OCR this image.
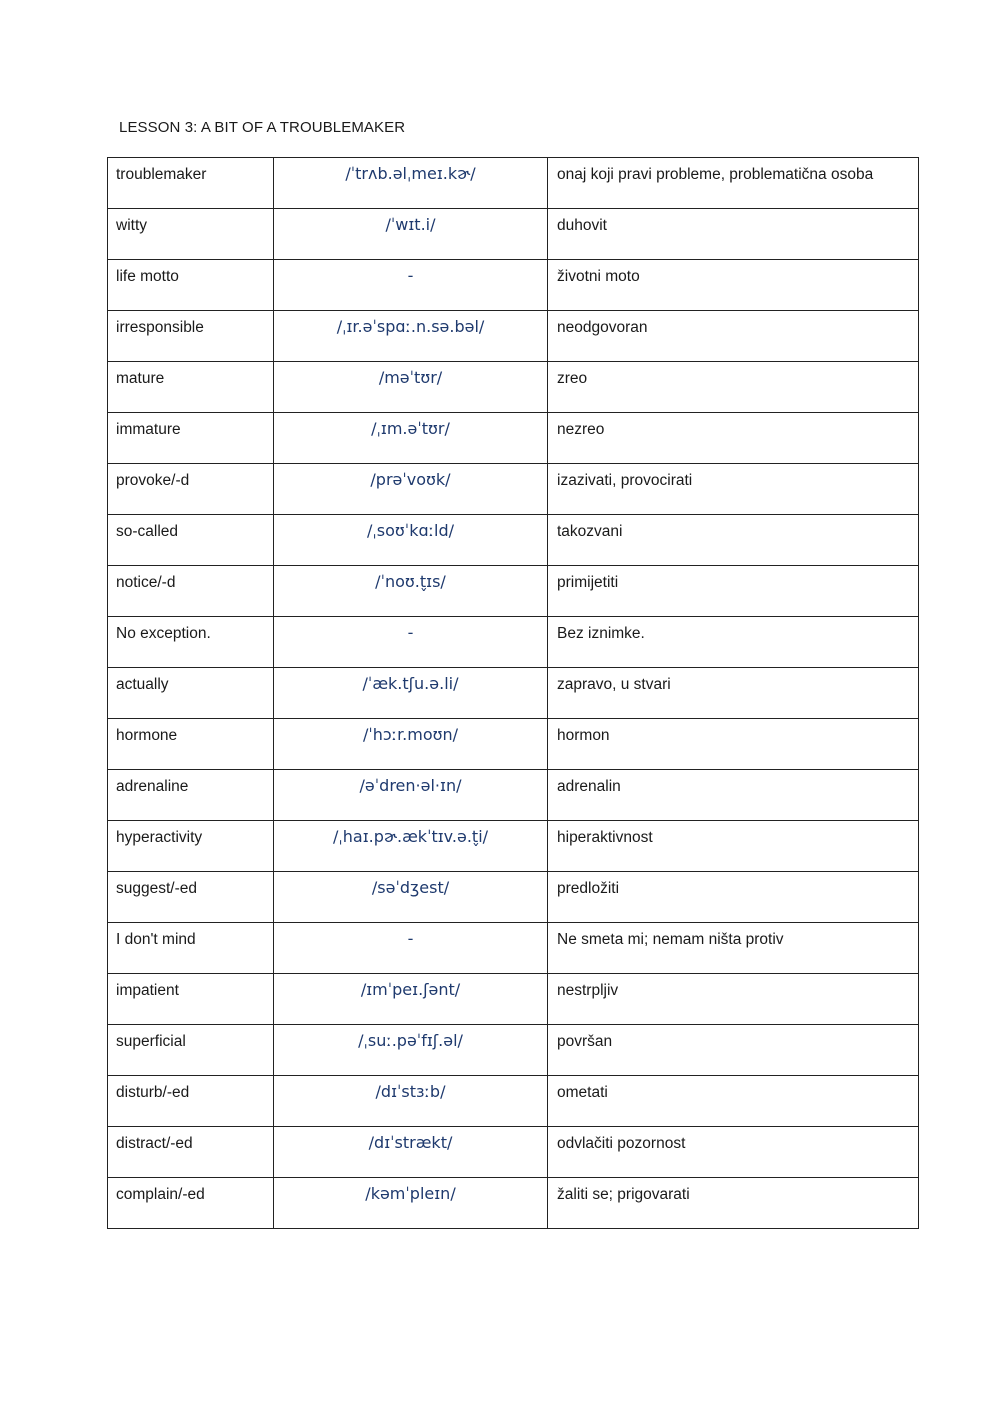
LESSON 3: A BIT OF A TROUBLEMAKER
troublemaker	/ˈtrʌb.əlˌmeɪ.kɚ/	onaj koji pravi probleme, problematična osoba
witty	/ˈwɪt.i/	duhovit
life motto	-	životni moto
irresponsible	/ˌɪr.əˈspɑː.n.sə.bəl/	neodgovoran
mature	/məˈtʊr/	zreo
immature	/ˌɪm.əˈtʊr/	nezreo
provoke/-d	/prəˈvoʊk/	izazivati, provocirati
so-called	/ˌsoʊˈkɑːld/	takozvani
notice/-d	/ˈnoʊ.t̬ɪs/	primijetiti
No exception.	-	Bez iznimke.
actually	/ˈæk.tʃu.ə.li/	zapravo, u stvari
hormone	/ˈhɔːr.moʊn/	hormon
adrenaline	/əˈdren·əl·ɪn/	adrenalin
hyperactivity	/ˌhaɪ.pɚ.ækˈtɪv.ə.t̬i/	hiperaktivnost
suggest/-ed	/səˈdʒest/	predložiti
I don't mind	-	Ne smeta mi; nemam ništa protiv
impatient	/ɪmˈpeɪ.ʃənt/	nestrpljiv
superficial	/ˌsuː.pəˈfɪʃ.əl/	površan
disturb/-ed	/dɪˈstɜːb/	ometati
distract/-ed	/dɪˈstrækt/	odvlačiti pozornost
complain/-ed	/kəmˈpleɪn/	žaliti se; prigovarati
